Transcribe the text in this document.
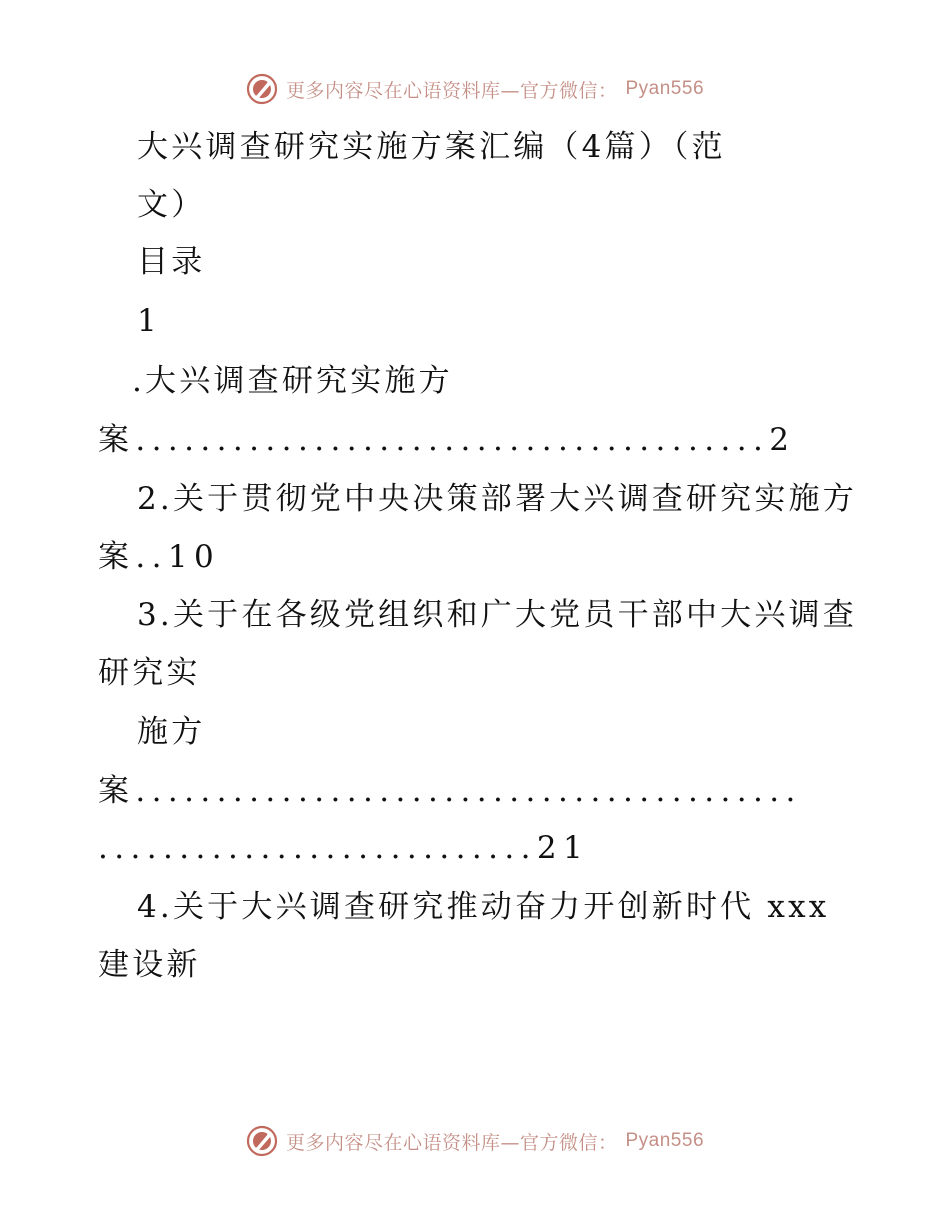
更多内容尽在心语资料库—官方微信： Pyan556
大兴调查研究实施方案汇编（4篇）（范
文）
目录
1
.大兴调查研究实施方
案.......................................2
2.关于贯彻党中央决策部署大兴调查研究实施方
案..10
3.关于在各级党组织和广大党员干部中大兴调查
研究实
施方
案.........................................
...........................21
4.关于大兴调查研究推动奋力开创新时代 xxx
建设新
更多内容尽在心语资料库—官方微信： Pyan556
